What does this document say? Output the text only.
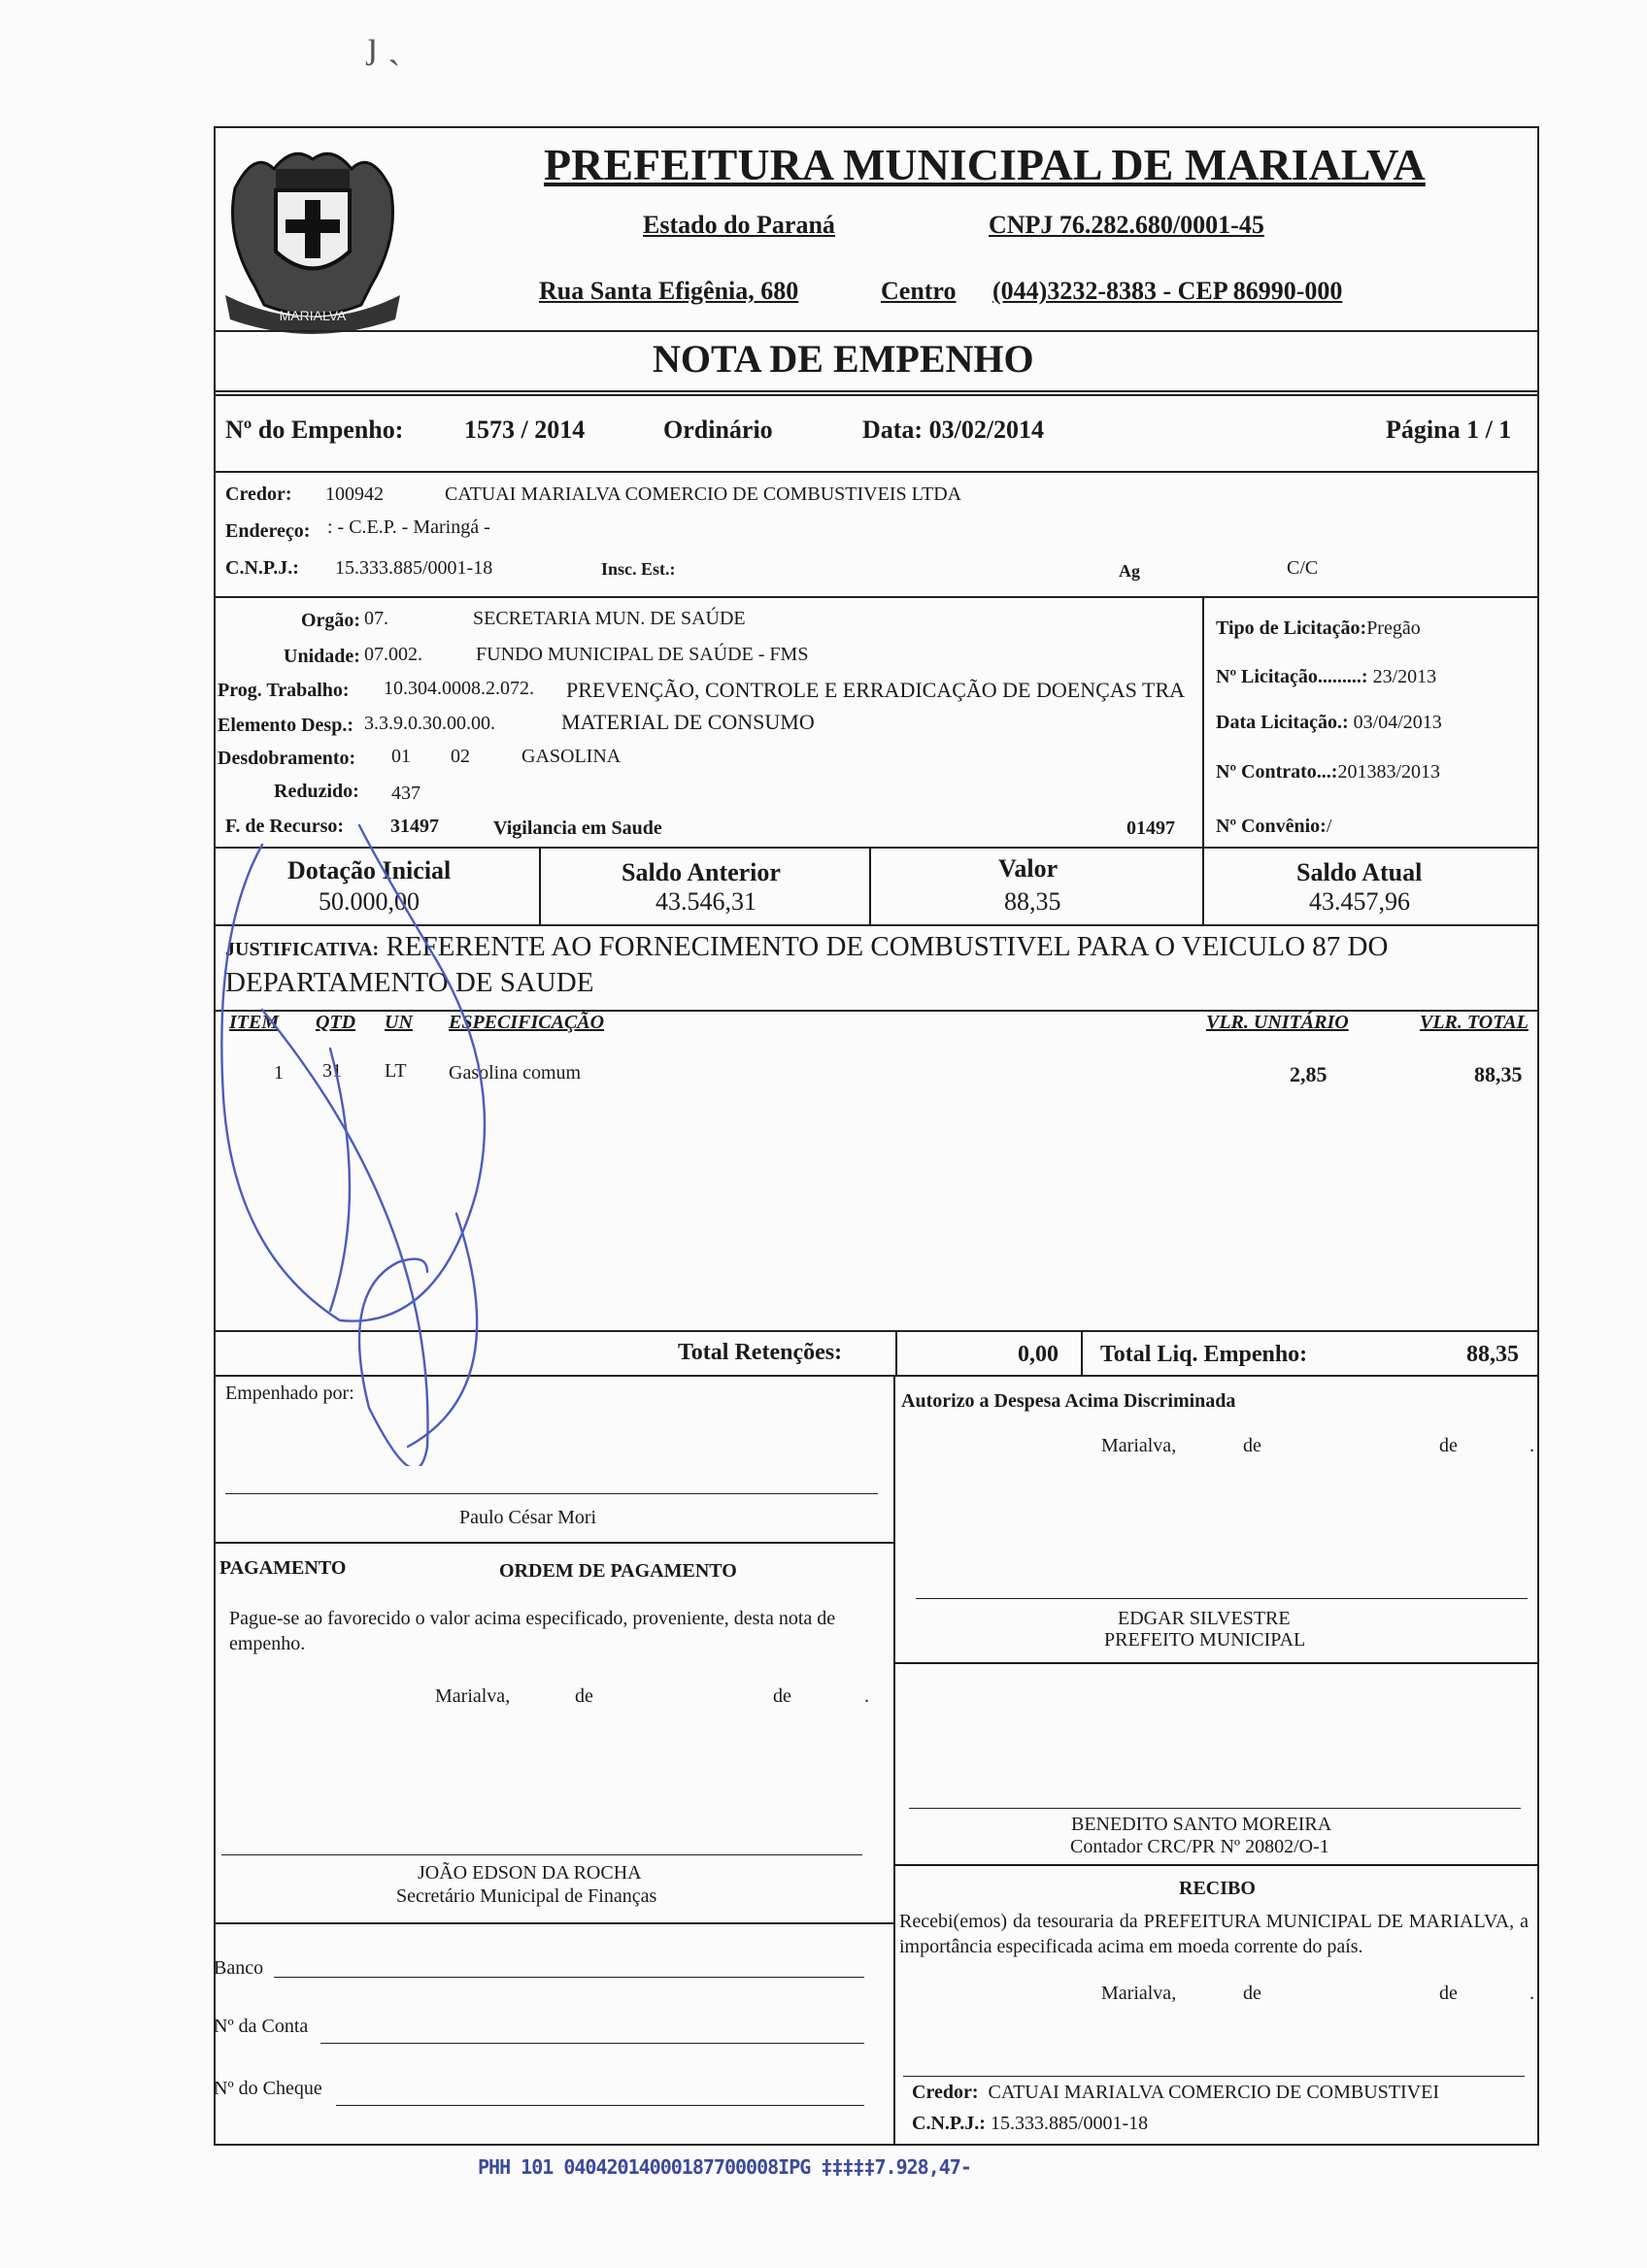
ȷ ˎ
MARIALVA
PREFEITURA MUNICIPAL DE MARIALVA
Estado do Paraná	CNPJ 76.282.680/0001-45
Rua Santa Efigênia, 680	Centro (044)3232-8383 - CEP 86990-000
NOTA DE EMPENHO
Nº do Empenho: 1573 / 2014	Ordinário	Data: 03/02/2014	Página 1 / 1
Credor: 100942	CATUAI MARIALVA COMERCIO DE COMBUSTIVEIS LTDA
Endereço: : - C.E.P. - Maringá -
C.N.P.J.: 15.333.885/0001-18	Insc. Est.:	Ag	C/C
Orgão: 07.	SECRETARIA MUN. DE SAÚDE
Unidade: 07.002.	FUNDO MUNICIPAL DE SAÚDE - FMS
Prog. Trabalho: 10.304.0008.2.072. PREVENÇÃO, CONTROLE E ERRADICAÇÃO DE DOENÇAS TRA
Elemento Desp.: 3.3.9.0.30.00.00.	MATERIAL DE CONSUMO
Desdobramento: 01 02	GASOLINA
Reduzido: 437
F. de Recurso: 31497	Vigilancia em Saude	01497
Tipo de Licitação:Pregão
Nº Licitação.........: 23/2013
Data Licitação.: 03/04/2013
Nº Contrato...:201383/2013
Nº Convênio:/
Dotação Inicial
50.000,00
Saldo Anterior
43.546,31
Valor
88,35
Saldo Atual
43.457,96
JUSTIFICATIVA: REFERENTE AO FORNECIMENTO DE COMBUSTIVEL PARA O VEICULO 87 DO DEPARTAMENTO DE SAUDE
ITEM QTD UN ESPECIFICAÇÃO	VLR. UNITÁRIO	VLR. TOTAL
1 31 LT Gasolina comum	2,85	88,35
Total Retenções:	0,00 Total Liq. Empenho:	88,35
Empenhado por:
Paulo César Mori
Autorizo a Despesa Acima Discriminada
Marialva,	de	de	.
EDGAR SILVESTRE
PREFEITO MUNICIPAL
PAGAMENTO	ORDEM DE PAGAMENTO
Pague-se ao favorecido o valor acima especificado, proveniente, desta nota de empenho.
Marialva,	de	de	.
JOÃO EDSON DA ROCHA
Secretário Municipal de Finanças
BENEDITO SANTO MOREIRA
Contador CRC/PR Nº 20802/O-1
RECIBO
Recebi(emos) da tesouraria da PREFEITURA MUNICIPAL DE MARIALVA, a importância especificada acima em moeda corrente do país.
Marialva,	de	de	.
Credor: CATUAI MARIALVA COMERCIO DE COMBUSTIVEI
C.N.P.J.: 15.333.885/0001-18
Banco
Nº da Conta
Nº do Cheque
PHH 101 04042014000187700008IPG ‡‡‡‡‡7.928,47-
